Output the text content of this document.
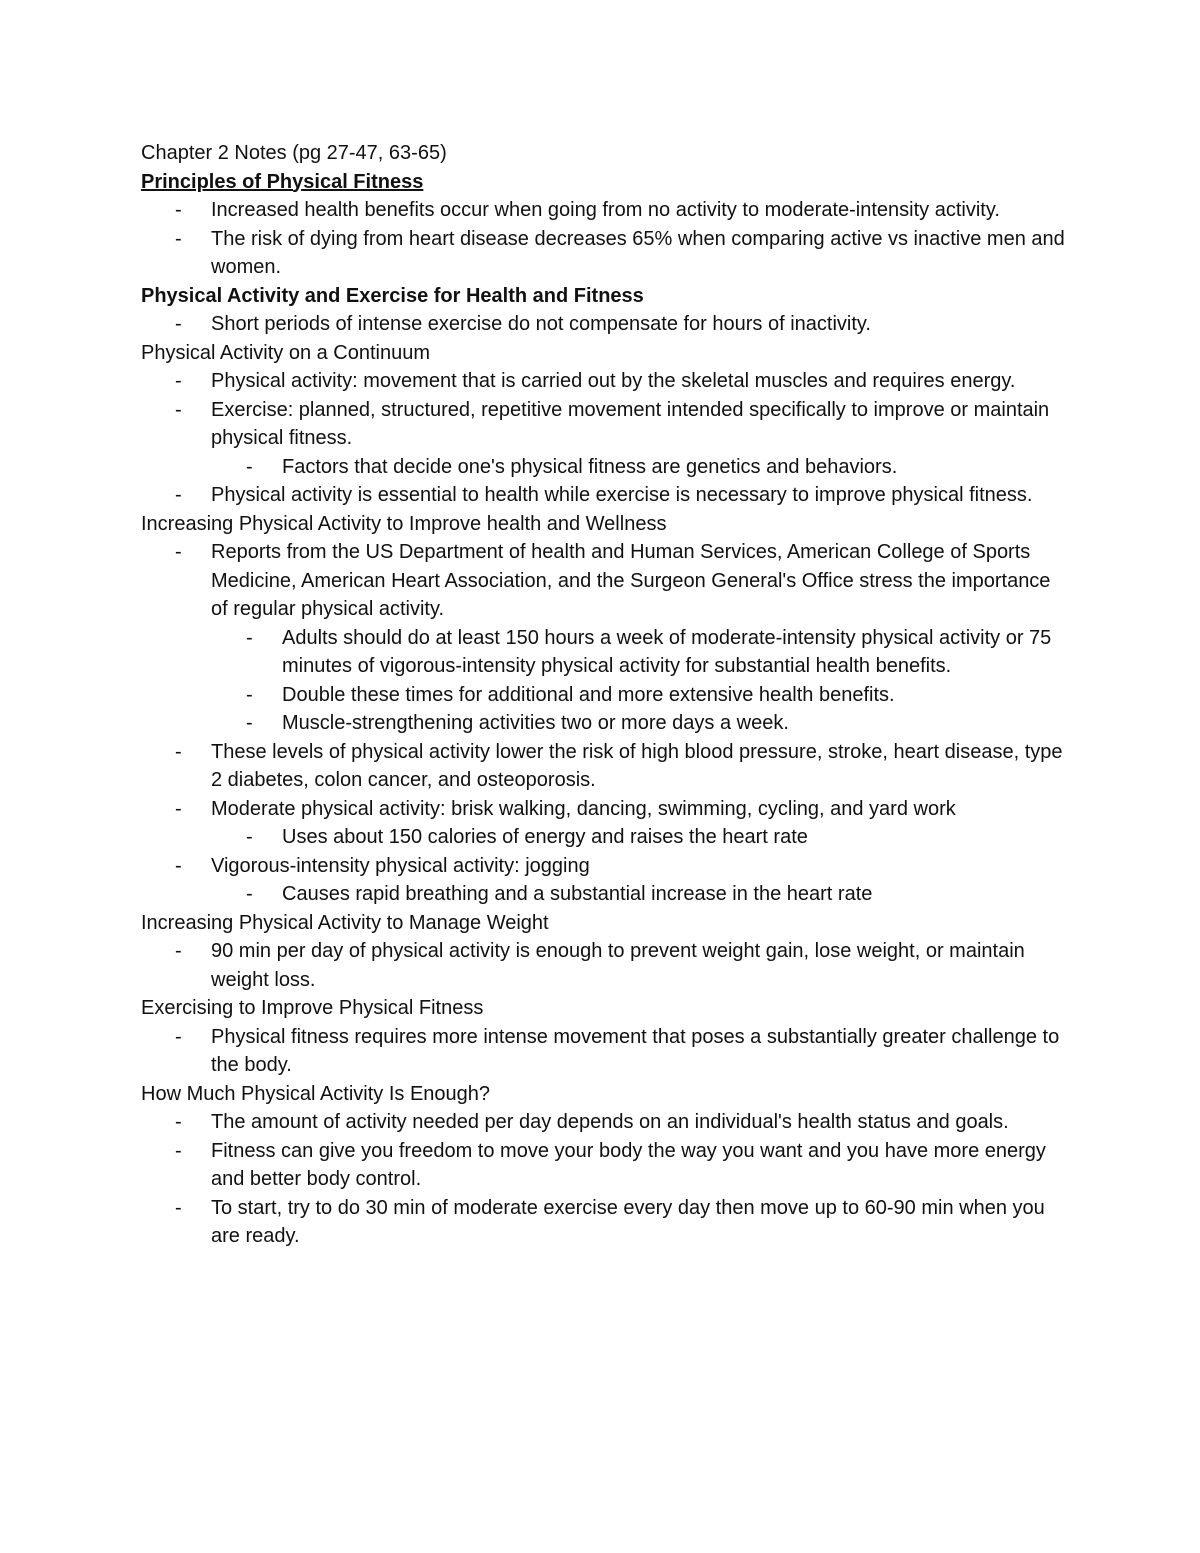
Chapter 2 Notes (pg 27-47, 63-65)

Principles of Physical Fitness

- Increased health benefits occur when going from no activity to moderate-intensity activity.
- The risk of dying from heart disease decreases 65% when comparing active vs inactive men and women.

Physical Activity and Exercise for Health and Fitness

- Short periods of intense exercise do not compensate for hours of inactivity.

Physical Activity on a Continuum

- Physical activity: movement that is carried out by the skeletal muscles and requires energy.
- Exercise: planned, structured, repetitive movement intended specifically to improve or maintain physical fitness.
- Factors that decide one's physical fitness are genetics and behaviors.
- Physical activity is essential to health while exercise is necessary to improve physical fitness.

Increasing Physical Activity to Improve health and Wellness

- Reports from the US Department of health and Human Services, American College of Sports Medicine, American Heart Association, and the Surgeon General's Office stress the importance of regular physical activity.
- Adults should do at least 150 hours a week of moderate-intensity physical activity or 75 minutes of vigorous-intensity physical activity for substantial health benefits.
- Double these times for additional and more extensive health benefits.
- Muscle-strengthening activities two or more days a week.
- These levels of physical activity lower the risk of high blood pressure, stroke, heart disease, type 2 diabetes, colon cancer, and osteoporosis.
- Moderate physical activity: brisk walking, dancing, swimming, cycling, and yard work
- Uses about 150 calories of energy and raises the heart rate
- Vigorous-intensity physical activity: jogging
- Causes rapid breathing and a substantial increase in the heart rate

Increasing Physical Activity to Manage Weight

- 90 min per day of physical activity is enough to prevent weight gain, lose weight, or maintain weight loss.

Exercising to Improve Physical Fitness

- Physical fitness requires more intense movement that poses a substantially greater challenge to the body.

How Much Physical Activity Is Enough?

- The amount of activity needed per day depends on an individual's health status and goals.
- Fitness can give you freedom to move your body the way you want and you have more energy and better body control.
- To start, try to do 30 min of moderate exercise every day then move up to 60-90 min when you are ready.
